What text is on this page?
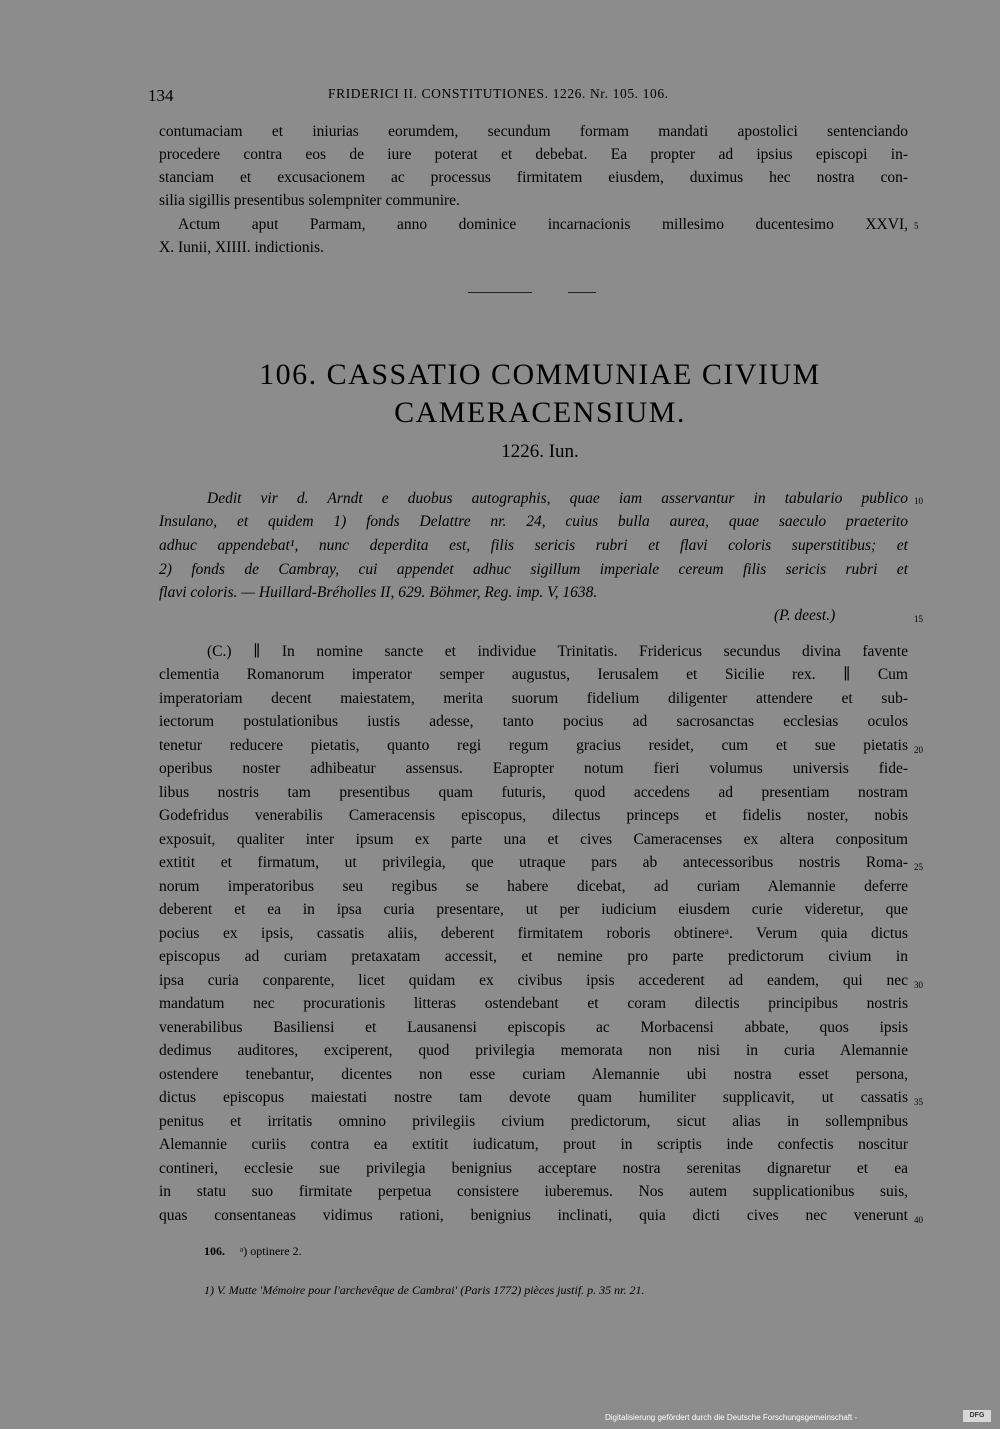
134	FRIDERICI II. CONSTITUTIONES. 1226. Nr. 105. 106.
contumaciam et iniurias eorumdem, secundum formam mandati apostolici sentenciando
procedere contra eos de iure poterat et debebat. Ea propter ad ipsius episcopi in-
stanciam et excusacionem ac processus firmitatem eiusdem, duximus hec nostra con-
silia sigillis presentibus solempniter communire.
Actum aput Parmam, anno dominice incarnacionis millesimo ducentesimo XXVI,
X. Iunii, XIIII. indictionis.
5
106. CASSATIO COMMUNIAE CIVIUM
CAMERACENSIUM.
1226. Iun.
Dedit vir d. Arndt e duobus autographis, quae iam asservantur in tabulario publico
Insulano, et quidem 1) fonds Delattre nr. 24, cuius bulla aurea, quae saeculo praeterito
adhuc appendebat¹, nunc deperdita est, filis sericis rubri et flavi coloris superstitibus; et
2) fonds de Cambray, cui appendet adhuc sigillum imperiale cereum filis sericis rubri et
flavi coloris. — Huillard-Bréholles II, 629. Böhmer, Reg. imp. V, 1638.
(P. deest.)
10
15
(C.) ∥ In nomine sancte et individue Trinitatis. Fridericus secundus divina favente
clementia Romanorum imperator semper augustus, Ierusalem et Sicilie rex. ∥ Cum
imperatoriam decent maiestatem, merita suorum fidelium diligenter attendere et sub-
iectorum postulationibus iustis adesse, tanto pocius ad sacrosanctas ecclesias oculos
tenetur reducere pietatis, quanto regi regum gracius residet, cum et sue pietatis
operibus noster adhibeatur assensus. Eapropter notum fieri volumus universis fide-
libus nostris tam presentibus quam futuris, quod accedens ad presentiam nostram
Godefridus venerabilis Cameracensis episcopus, dilectus princeps et fidelis noster, nobis
exposuit, qualiter inter ipsum ex parte una et cives Cameracenses ex altera conpositum
extitit et firmatum, ut privilegia, que utraque pars ab antecessoribus nostris Roma-
norum imperatoribus seu regibus se habere dicebat, ad curiam Alemannie deferre
deberent et ea in ipsa curia presentare, ut per iudicium eiusdem curie videretur, que
pocius ex ipsis, cassatis aliis, deberent firmitatem roboris obtinereᵃ. Verum quia dictus
episcopus ad curiam pretaxatam accessit, et nemine pro parte predictorum civium in
ipsa curia conparente, licet quidam ex civibus ipsis accederent ad eandem, qui nec
mandatum nec procurationis litteras ostendebant et coram dilectis principibus nostris
venerabilibus Basiliensi et Lausanensi episcopis ac Morbacensi abbate, quos ipsis
dedimus auditores, exciperent, quod privilegia memorata non nisi in curia Alemannie
ostendere tenebantur, dicentes non esse curiam Alemannie ubi nostra esset persona,
dictus episcopus maiestati nostre tam devote quam humiliter supplicavit, ut cassatis
penitus et irritatis omnino privilegiis civium predictorum, sicut alias in sollempnibus
Alemannie curiis contra ea extitit iudicatum, prout in scriptis inde confectis noscitur
contineri, ecclesie sue privilegia benignius acceptare nostra serenitas dignaretur et ea
in statu suo firmitate perpetua consistere iuberemus. Nos autem supplicationibus suis,
quas consentaneas vidimus rationi, benignius inclinati, quia dicti cives nec venerunt
20
25
30
35
40
106. ᵃ) optinere 2.
1) V. Mutte 'Mémoire pour l'archevêque de Cambrai' (Paris 1772) pièces justif. p. 35 nr. 21.
Digitalisierung gefördert durch die Deutsche Forschungsgemeinschaft -	DFG
